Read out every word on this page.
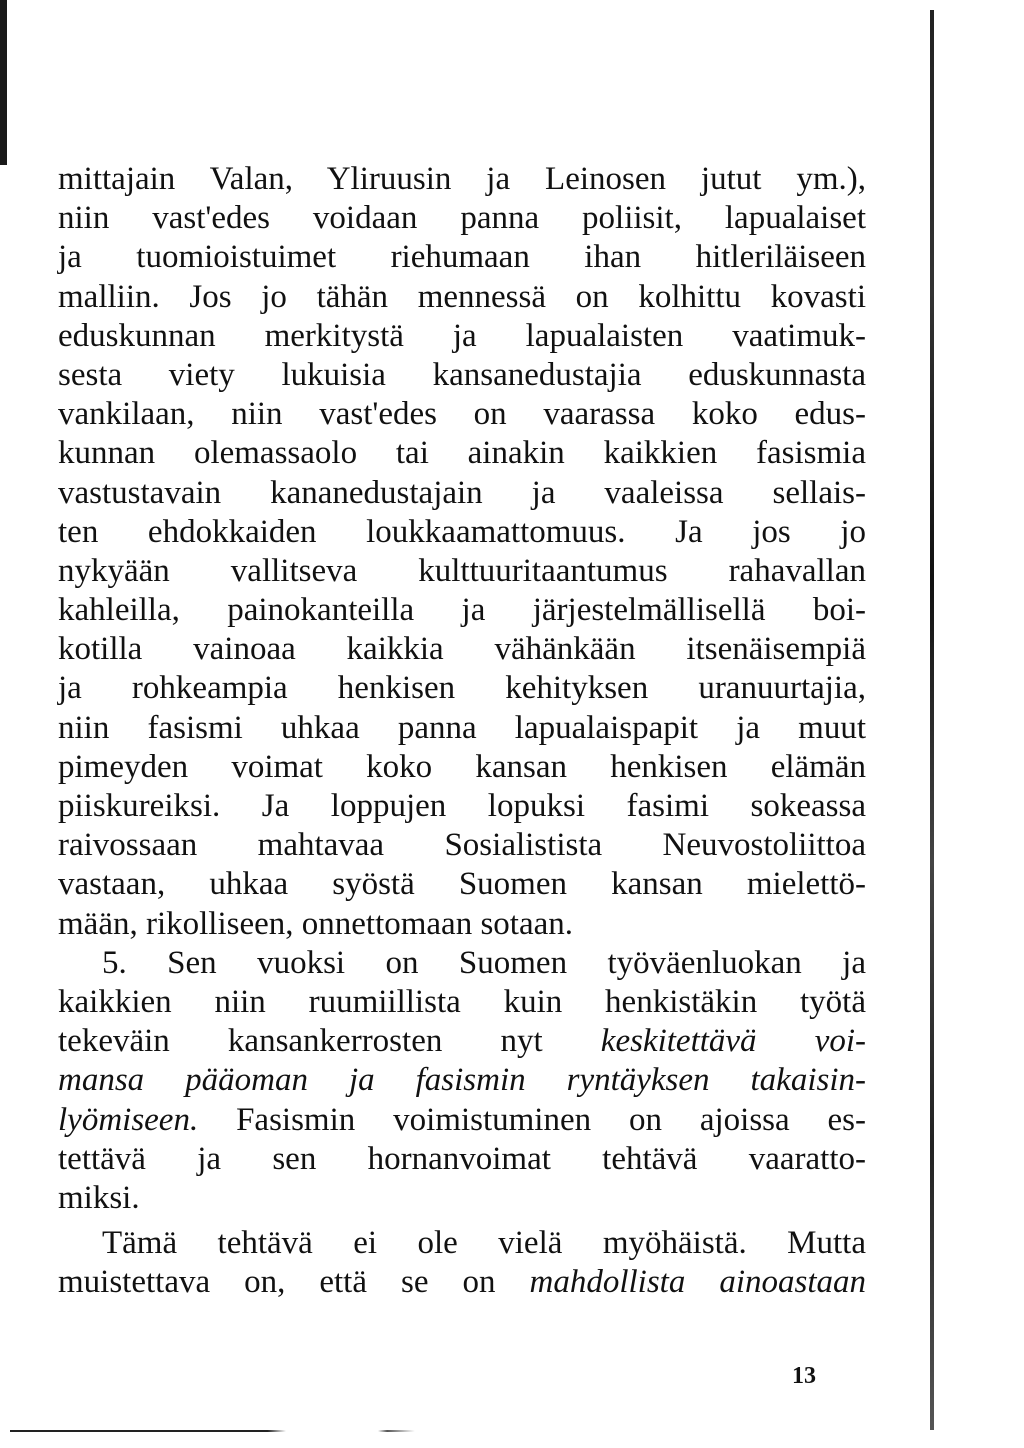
mittajain Valan, Yliruusin ja Leinosen jutut ym.),
niin vast'edes voidaan panna poliisit, lapualaiset
ja tuomioistuimet riehumaan ihan hitleriläiseen
malliin. Jos jo tähän mennessä on kolhittu kovasti
eduskunnan merkitystä ja lapualaisten vaatimuk-
sesta viety lukuisia kansanedustajia eduskunnasta
vankilaan, niin vast'edes on vaarassa koko edus-
kunnan olemassaolo tai ainakin kaikkien fasismia
vastustavain kananedustajain ja vaaleissa sellais-
ten ehdokkaiden loukkaamattomuus. Ja jos jo
nykyään vallitseva kulttuuritaantumus rahavallan
kahleilla, painokanteilla ja järjestelmällisellä boi-
kotilla vainoaa kaikkia vähänkään itsenäisempiä
ja rohkeampia henkisen kehityksen uranuurtajia,
niin fasismi uhkaa panna lapualaispapit ja muut
pimeyden voimat koko kansan henkisen elämän
piiskureiksi. Ja loppujen lopuksi fasimi sokeassa
raivossaan mahtavaa Sosialistista Neuvostoliittoa
vastaan, uhkaa syöstä Suomen kansan mielettö-
mään, rikolliseen, onnettomaan sotaan.
5. Sen vuoksi on Suomen työväenluokan ja
kaikkien niin ruumiillista kuin henkistäkin työtä
tekeväin kansankerrosten nyt keskitettävä voi-
mansa pääoman ja fasismin ryntäyksen takaisin-
lyömiseen. Fasismin voimistuminen on ajoissa es-
tettävä ja sen hornanvoimat tehtävä vaaratto-
miksi.
Tämä tehtävä ei ole vielä myöhäistä. Mutta
muistettava on, että se on mahdollista ainoastaan
13
